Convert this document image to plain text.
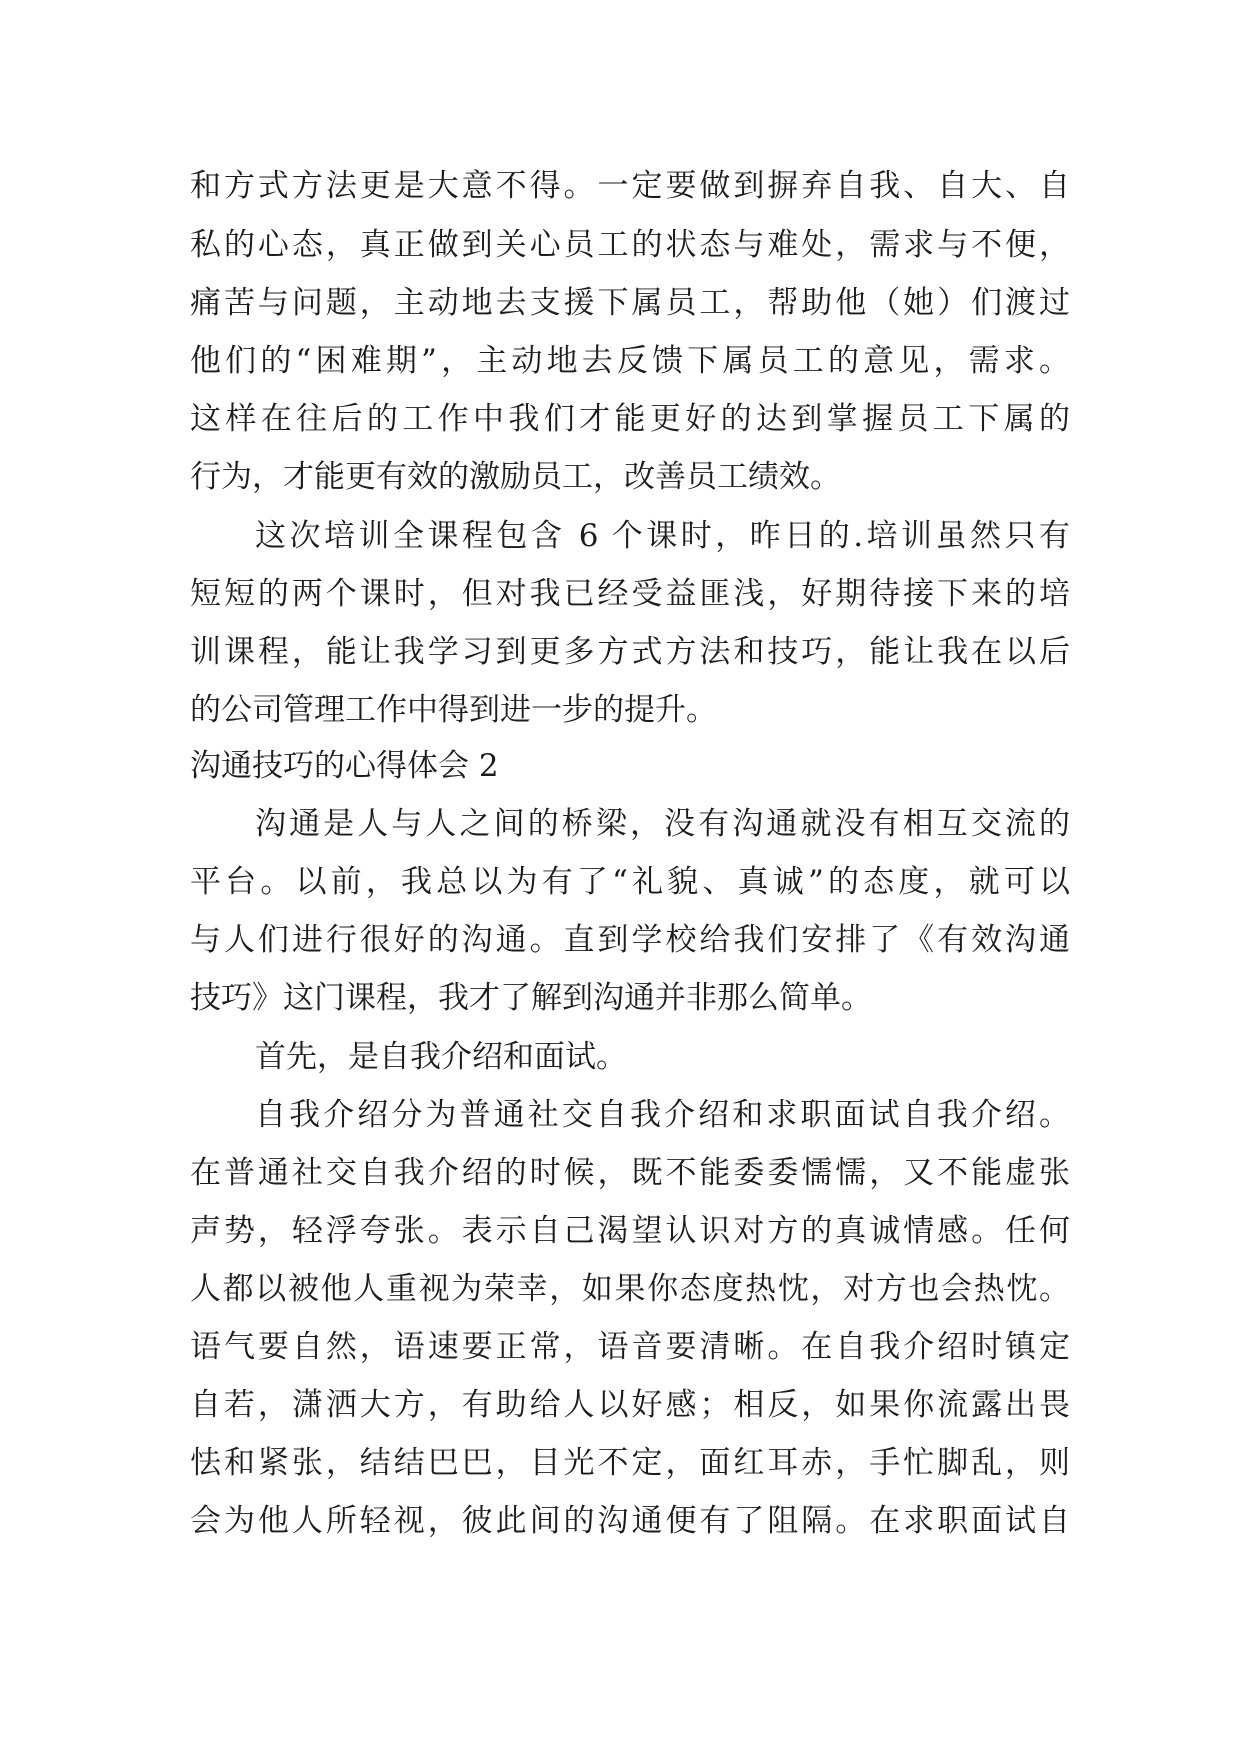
和方式方法更是大意不得。一定要做到摒弃自我、自大、自

私的心态，真正做到关心员工的状态与难处，需求与不便，

痛苦与问题，主动地去支援下属员工，帮助他（她）们渡过

他们的“困难期”，主动地去反馈下属员工的意见，需求。

这样在往后的工作中我们才能更好的达到掌握员工下属的

行为，才能更有效的激励员工，改善员工绩效。

这次培训全课程包含 6 个课时，昨日的.培训虽然只有

短短的两个课时，但对我已经受益匪浅，好期待接下来的培

训课程，能让我学习到更多方式方法和技巧，能让我在以后

的公司管理工作中得到进一步的提升。

沟通技巧的心得体会 2

沟通是人与人之间的桥梁，没有沟通就没有相互交流的

平台。以前，我总以为有了“礼貌、真诚”的态度，就可以

与人们进行很好的沟通。直到学校给我们安排了《有效沟通

技巧》这门课程，我才了解到沟通并非那么简单。

首先，是自我介绍和面试。

自我介绍分为普通社交自我介绍和求职面试自我介绍。

在普通社交自我介绍的时候，既不能委委懦懦，又不能虚张

声势，轻浮夸张。表示自己渴望认识对方的真诚情感。任何

人都以被他人重视为荣幸，如果你态度热忱，对方也会热忱。

语气要自然，语速要正常，语音要清晰。在自我介绍时镇定

自若，潇洒大方，有助给人以好感；相反，如果你流露出畏

怯和紧张，结结巴巴，目光不定，面红耳赤，手忙脚乱，则

会为他人所轻视，彼此间的沟通便有了阻隔。在求职面试自
